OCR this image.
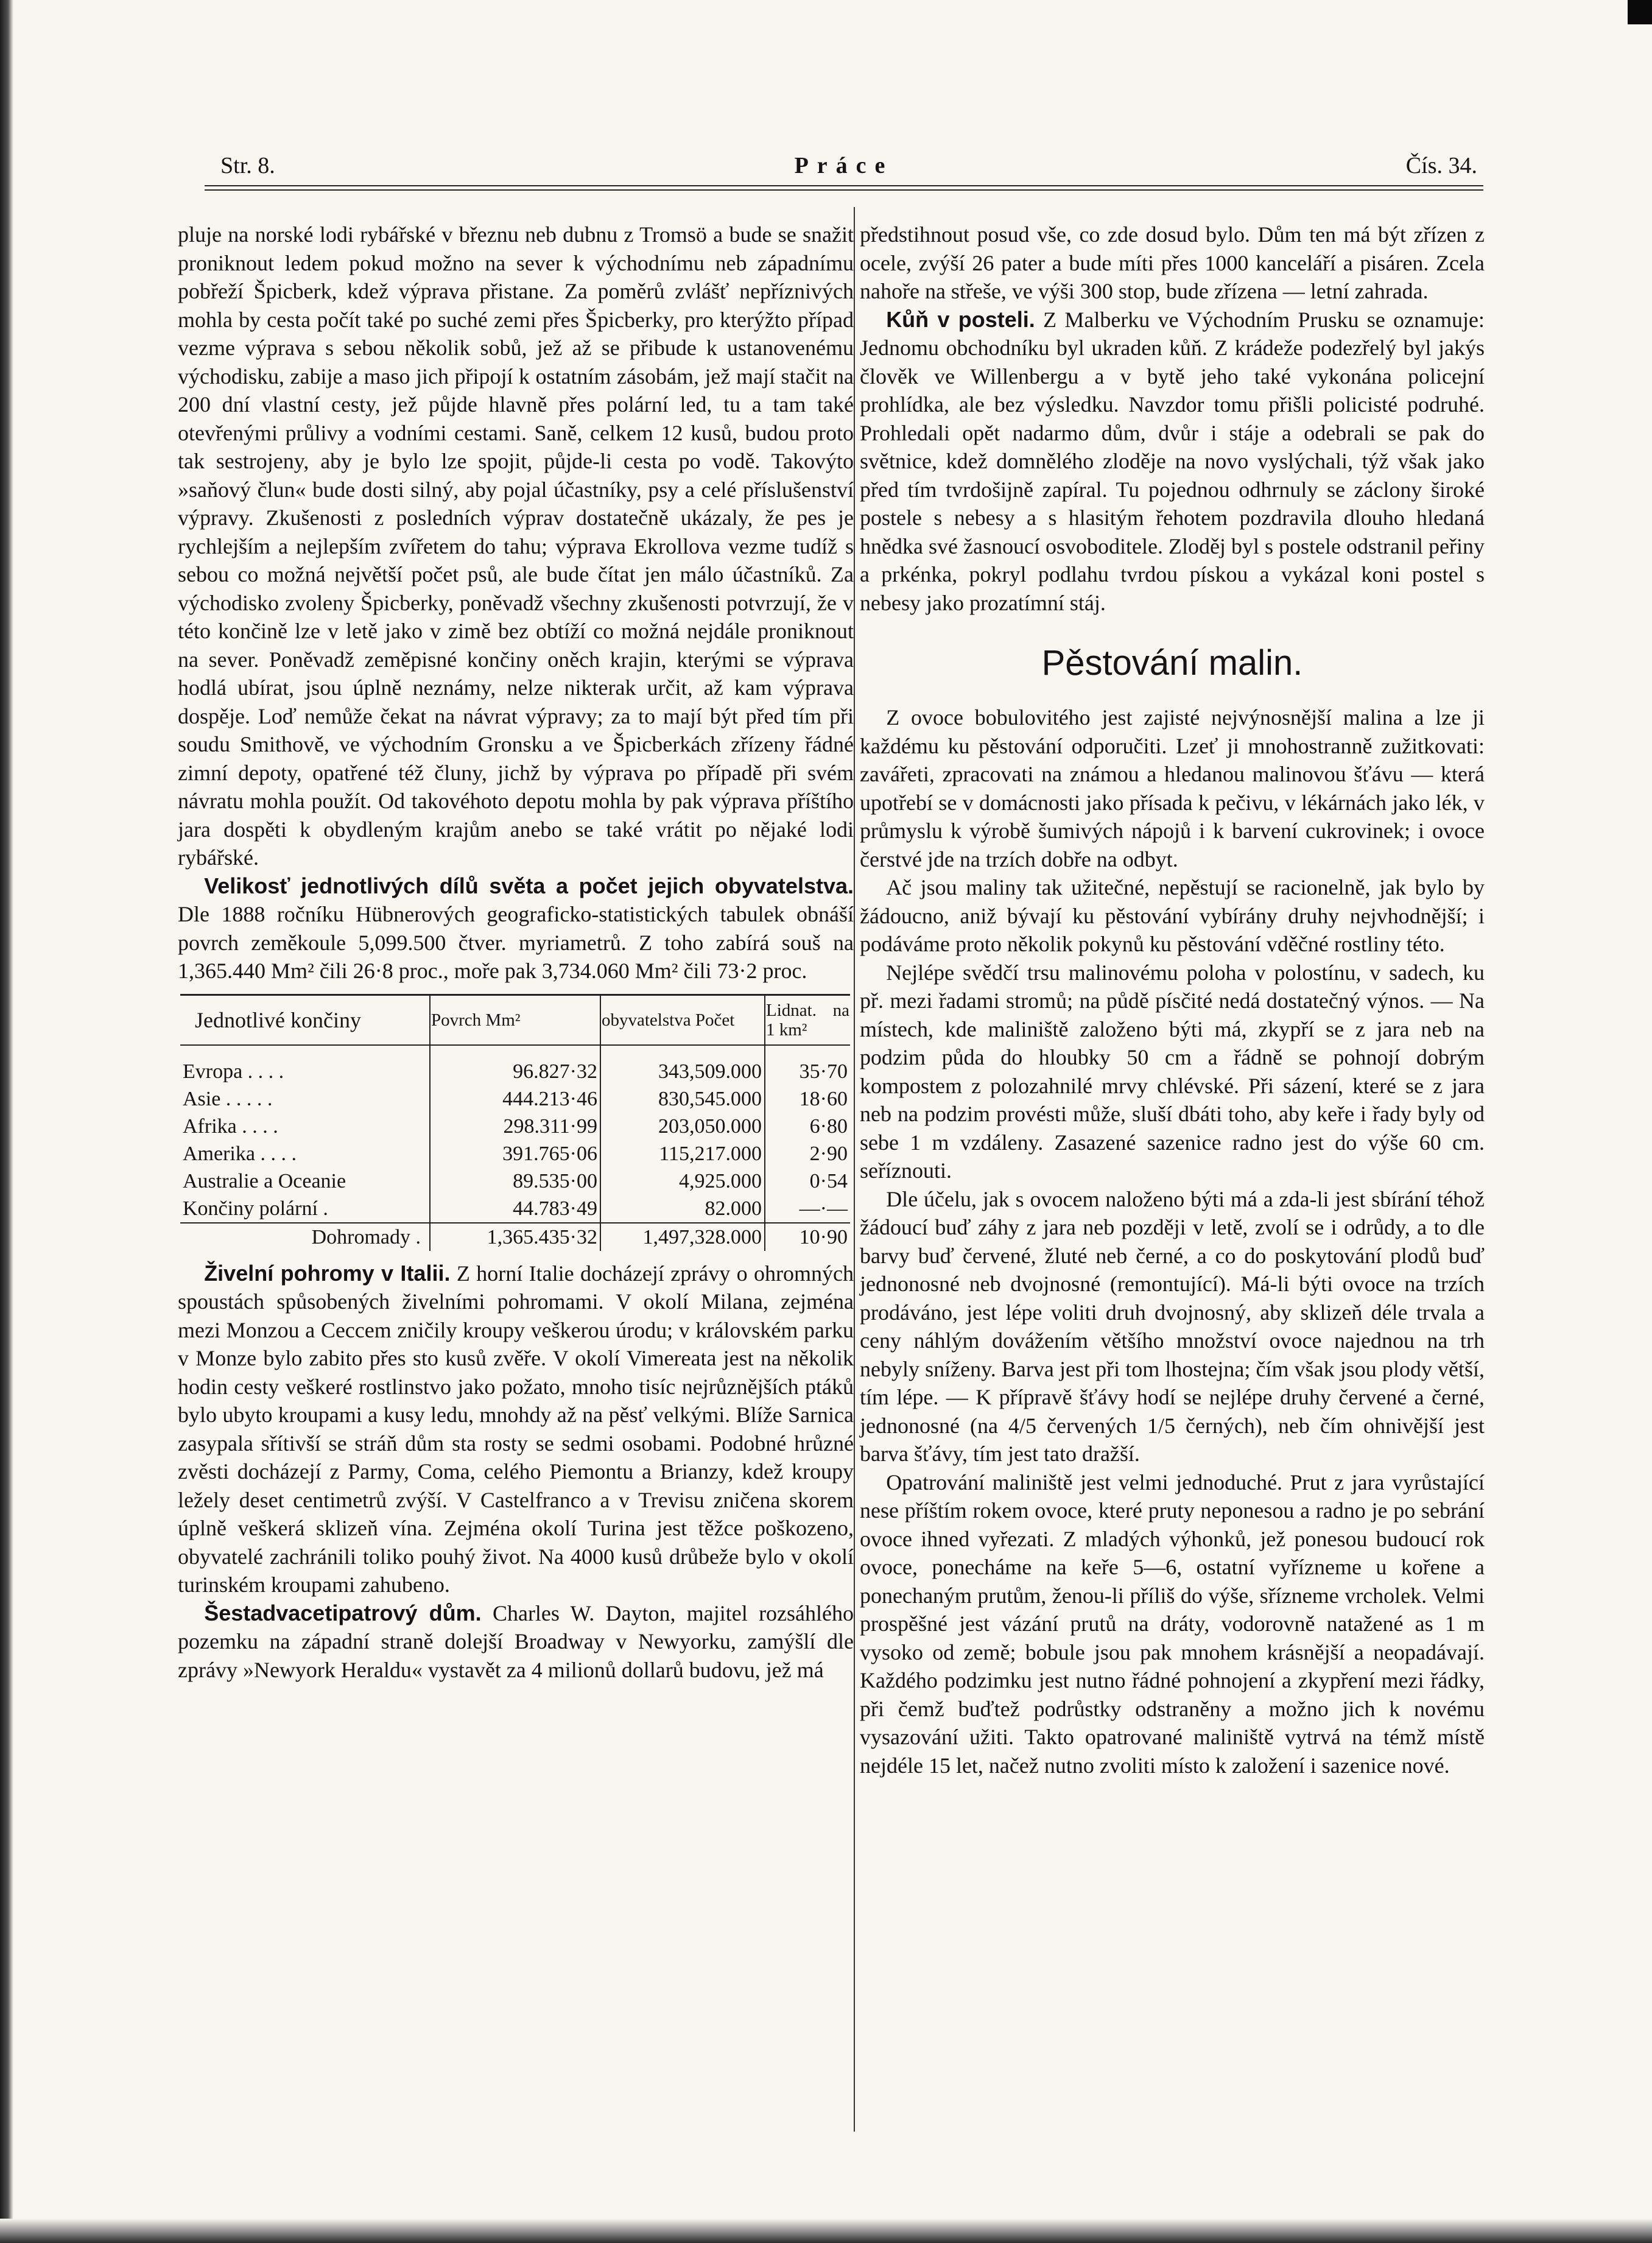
Str. 8.	Práce	Čís. 34.

pluje na norské lodi rybářské v březnu neb dubnu z Tromsö a bude se snažit proniknout ledem pokud možno na sever k východnímu neb západnímu pobřeží Špicberk, kdež výprava přistane. Za poměrů zvlášť nepříznivých mohla by cesta počít také po suché zemi přes Špicberky, pro kterýžto případ vezme výprava s sebou několik sobů, jež až se přibude k ustanovenému východisku, zabije a maso jich připojí k ostatním zásobám, jež mají stačit na 200 dní vlastní cesty, jež půjde hlavně přes polární led, tu a tam také otevřenými průlivy a vodními cestami. Saně, celkem 12 kusů, budou proto tak sestrojeny, aby je bylo lze spojit, půjde-li cesta po vodě. Takovýto »saňový člun« bude dosti silný, aby pojal účastníky, psy a celé příslušenství výpravy. Zkušenosti z posledních výprav dostatečně ukázaly, že pes je rychlejším a nejlepším zvířetem do tahu; výprava Ekrollova vezme tudíž s sebou co možná největší počet psů, ale bude čítat jen málo účastníků. Za východisko zvoleny Špicberky, poněvadž všechny zkušenosti potvrzují, že v této končině lze v letě jako v zimě bez obtíží co možná nejdále proniknout na sever. Poněvadž zeměpisné končiny oněch krajin, kterými se výprava hodlá ubírat, jsou úplně neznámy, nelze nikterak určit, až kam výprava dospěje. Loď nemůže čekat na návrat výpravy; za to mají být před tím při soudu Smithově, ve východním Gronsku a ve Špicberkách zřízeny řádné zimní depoty, opatřené též čluny, jichž by výprava po případě při svém návratu mohla použít. Od takovéhoto depotu mohla by pak výprava příštího jara dospěti k obydleným krajům anebo se také vrátit po nějaké lodi rybářské.

Velikosť jednotlivých dílů světa a počet jejich obyvatelstva. Dle 1888 ročníku Hübnerových geograficko-statistických tabulek obnáší povrch zeměkoule 5,099.500 čtver. myriametrů. Z toho zabírá souš na 1,365.440 Mm² čili 26·8 proc., moře pak 3,734.060 Mm² čili 73·2 proc.

Jednotlivé končiny	Povrch Mm²	obyvatelstva Počet	Lidnat. na 1 km²

Evropa . . . .	96.827·32	343,509.000	35·70
Asie . . . . .	444.213·46	830,545.000	18·60
Afrika . . . .	298.311·99	203,050.000	6·80
Amerika . . . .	391.765·06	115,217.000	2·90
Australie a Oceanie	89.535·00	4,925.000	0·54
Končiny polární .	44.783·49	82.000	—·—
Dohromady .	1,365.435·32	1,497,328.000	10·90

Živelní pohromy v Italii. Z horní Italie docházejí zprávy o ohromných spoustách spůsobených živelními pohromami. V okolí Milana, zejména mezi Monzou a Ceccem zničily kroupy veškerou úrodu; v královském parku v Monze bylo zabito přes sto kusů zvěře. V okolí Vimereata jest na několik hodin cesty veškeré rostlinstvo jako požato, mnoho tisíc nejrůznějších ptáků bylo ubyto kroupami a kusy ledu, mnohdy až na pěsť velkými. Blíže Sarnica zasypala sřítivší se stráň dům sta rosty se sedmi osobami. Podobné hrůzné zvěsti docházejí z Parmy, Coma, celého Piemontu a Brianzy, kdež kroupy ležely deset centimetrů zvýší. V Castelfranco a v Trevisu zničena skorem úplně veškerá sklizeň vína. Zejména okolí Turina jest těžce poškozeno, obyvatelé zachránili toliko pouhý život. Na 4000 kusů drůbeže bylo v okolí turinském kroupami zahubeno.

Šestadvacetipatrový dům. Charles W. Dayton, majitel rozsáhlého pozemku na západní straně dolejší Broadway v Newyorku, zamýšlí dle zprávy »Newyork Heraldu« vystavět za 4 milionů dollarů budovu, jež má

předstihnout posud vše, co zde dosud bylo. Dům ten má být zřízen z ocele, zvýší 26 pater a bude míti přes 1000 kanceláří a pisáren. Zcela nahoře na střeše, ve výši 300 stop, bude zřízena — letní zahrada.

Kůň v posteli. Z Malberku ve Východním Prusku se oznamuje: Jednomu obchodníku byl ukraden kůň. Z krádeže podezřelý byl jakýs člověk ve Willenbergu a v bytě jeho také vykonána policejní prohlídka, ale bez výsledku. Navzdor tomu přišli policisté podruhé. Prohledali opět nadarmo dům, dvůr i stáje a odebrali se pak do světnice, kdež domnělého zloděje na novo vyslýchali, týž však jako před tím tvrdošijně zapíral. Tu pojednou odhrnuly se záclony široké postele s nebesy a s hlasitým řehotem pozdravila dlouho hledaná hnědka své žasnoucí osvoboditele. Zloděj byl s postele odstranil peřiny a prkénka, pokryl podlahu tvrdou pískou a vykázal koni postel s nebesy jako prozatímní stáj.

Pěstování malin.

Z ovoce bobulovitého jest zajisté nejvýnosnější malina a lze ji každému ku pěstování odporučiti. Lzeť ji mnohostranně zužitkovati: zavářeti, zpracovati na známou a hledanou malinovou šťávu — která upotřebí se v domácnosti jako přísada k pečivu, v lékárnách jako lék, v průmyslu k výrobě šumivých nápojů i k barvení cukrovinek; i ovoce čerstvé jde na trzích dobře na odbyt.

Ač jsou maliny tak užitečné, nepěstují se racionelně, jak bylo by žádoucno, aniž bývají ku pěstování vybírány druhy nejvhodnější; i podáváme proto několik pokynů ku pěstování vděčné rostliny této.

Nejlépe svědčí trsu malinovému poloha v polostínu, v sadech, ku př. mezi řadami stromů; na půdě písčité nedá dostatečný výnos. — Na místech, kde maliniště založeno býti má, zkypří se z jara neb na podzim půda do hloubky 50 cm a řádně se pohnojí dobrým kompostem z polozahnilé mrvy chlévské. Při sázení, které se z jara neb na podzim provésti může, sluší dbáti toho, aby keře i řady byly od sebe 1 m vzdáleny. Zasazené sazenice radno jest do výše 60 cm. seříznouti.

Dle účelu, jak s ovocem naloženo býti má a zda-li jest sbírání téhož žádoucí buď záhy z jara neb později v letě, zvolí se i odrůdy, a to dle barvy buď červené, žluté neb černé, a co do poskytování plodů buď jednonosné neb dvojnosné (remontující). Má-li býti ovoce na trzích prodáváno, jest lépe voliti druh dvojnosný, aby sklizeň déle trvala a ceny náhlým dovážením většího množství ovoce najednou na trh nebyly sníženy. Barva jest při tom lhostejna; čím však jsou plody větší, tím lépe. — K přípravě šťávy hodí se nejlépe druhy červené a černé, jednonosné (na 4/5 červených 1/5 černých), neb čím ohnivější jest barva šťávy, tím jest tato dražší.

Opatrování maliniště jest velmi jednoduché. Prut z jara vyrůstající nese příštím rokem ovoce, které pruty neponesou a radno je po sebrání ovoce ihned vyřezati. Z mladých výhonků, jež ponesou budoucí rok ovoce, ponecháme na keře 5—6, ostatní vyřízneme u kořene a ponechaným prutům, ženou-li příliš do výše, sřízneme vrcholek. Velmi prospěšné jest vázání prutů na dráty, vodorovně natažené as 1 m vysoko od země; bobule jsou pak mnohem krásnější a neopadávají. Každého podzimku jest nutno řádné pohnojení a zkypření mezi řádky, při čemž buďtež podrůstky odstraněny a možno jich k novému vysazování užiti. Takto opatrované maliniště vytrvá na témž místě nejdéle 15 let, načež nutno zvoliti místo k založení i sazenice nové.
